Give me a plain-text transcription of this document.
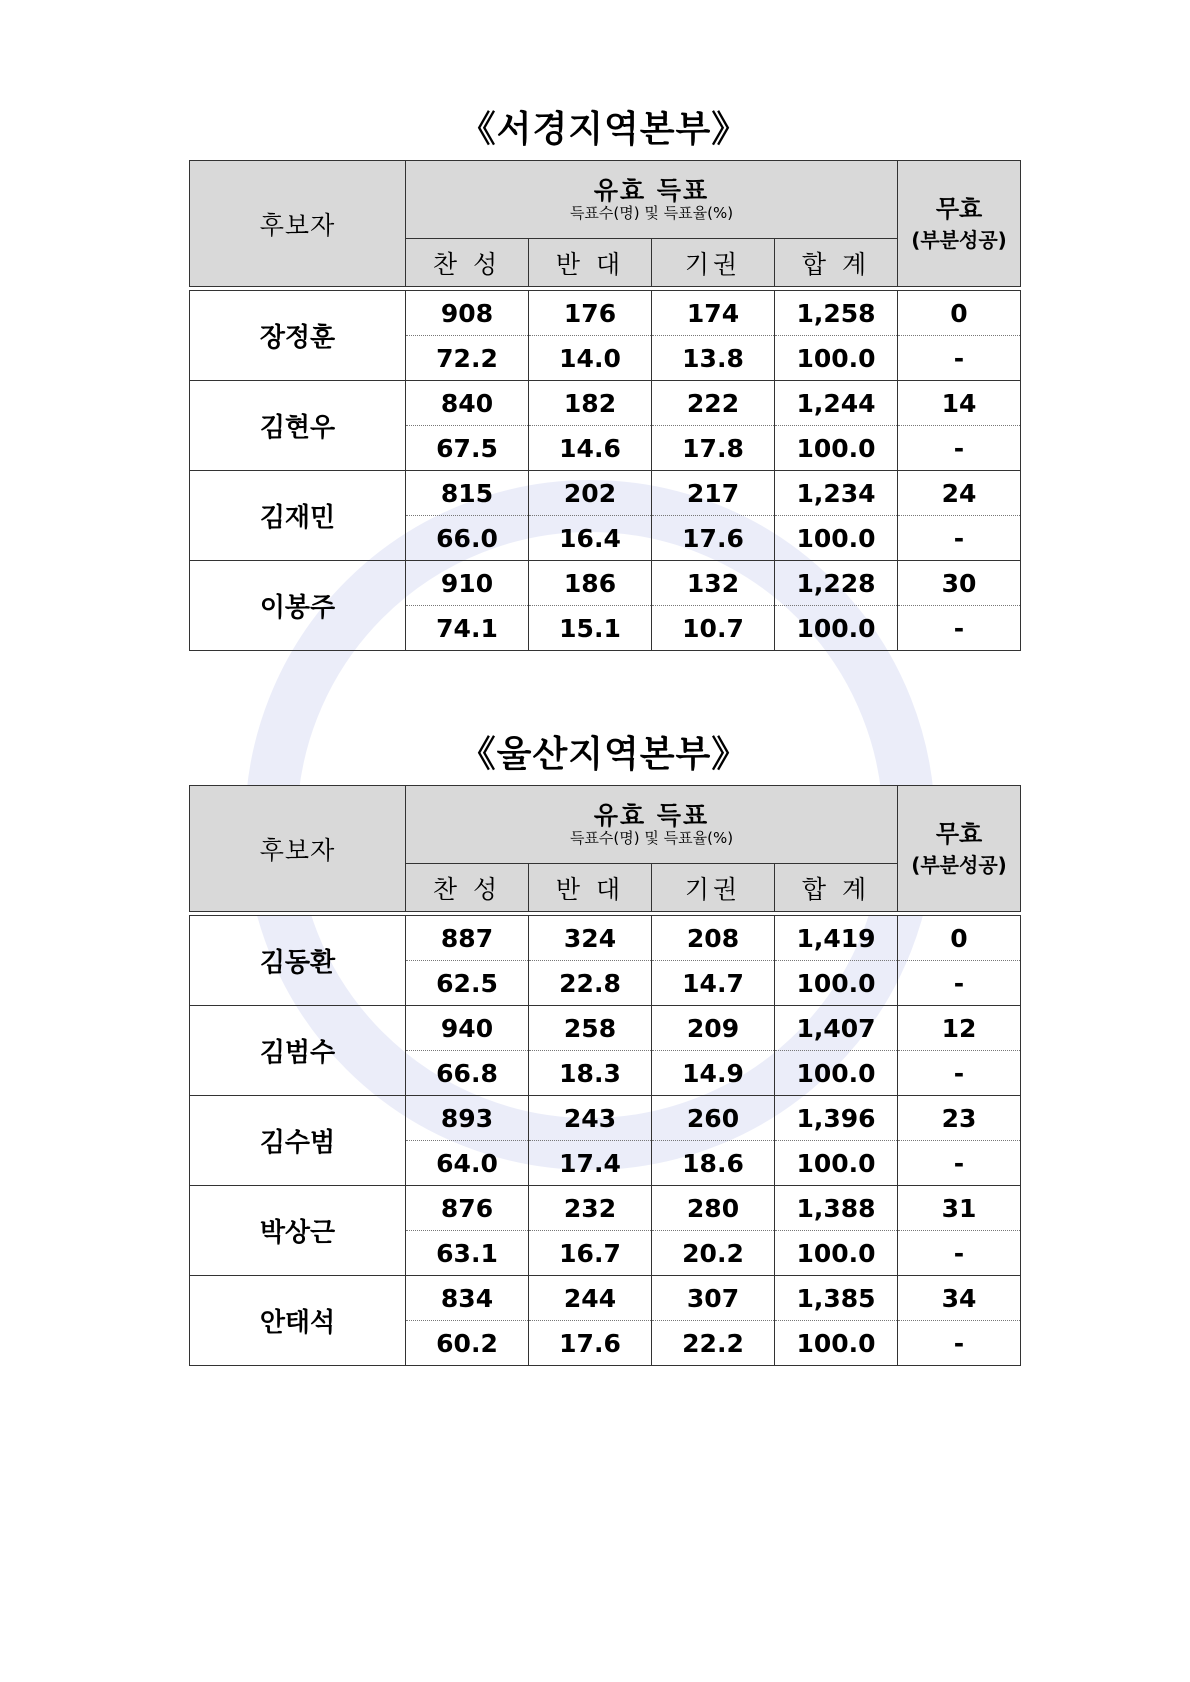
《서경지역본부》
후보자	유효 득표
득표수(명) 및 득표율(%)				무효
(부분성공)

	찬 성	반 대	기권	합 계	

장정훈	908	176	174	1,258	0
	72.2	14.0	13.8	100.0	-
김현우	840	182	222	1,244	14
	67.5	14.6	17.8	100.0	-
김재민	815	202	217	1,234	24
	66.0	16.4	17.6	100.0	-
이봉주	910	186	132	1,228	30
	74.1	15.1	10.7	100.0	-
《울산지역본부》
후보자	유효 득표
득표수(명) 및 득표율(%)				무효
(부분성공)

	찬 성	반 대	기권	합 계	

김동환	887	324	208	1,419	0
	62.5	22.8	14.7	100.0	-
김범수	940	258	209	1,407	12
	66.8	18.3	14.9	100.0	-
김수범	893	243	260	1,396	23
	64.0	17.4	18.6	100.0	-
박상근	876	232	280	1,388	31
	63.1	16.7	20.2	100.0	-
안태석	834	244	307	1,385	34
	60.2	17.6	22.2	100.0	-
